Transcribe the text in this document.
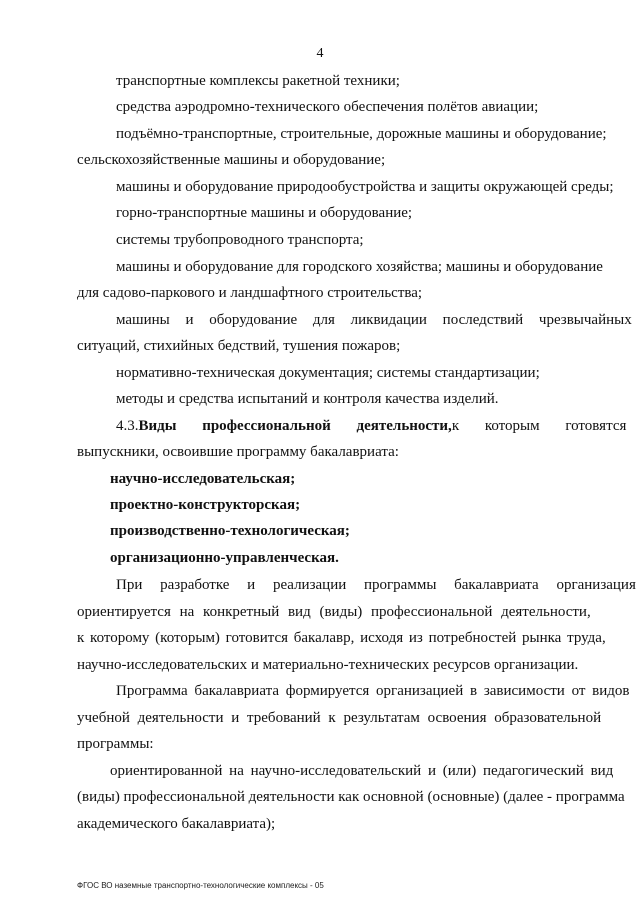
4
транспортные комплексы ракетной техники;
средства аэродромно-технического обеспечения полётов авиации;
подъёмно-транспортные, строительные, дорожные машины и оборудование;
сельскохозяйственные машины и оборудование;
машины и оборудование природообустройства и защиты окружающей среды;
горно-транспортные машины и оборудование;
системы трубопроводного транспорта;
машины и оборудование для городского хозяйства; машины и оборудование
для садово-паркового и ландшафтного строительства;
машины и оборудование для ликвидации последствий чрезвычайных
ситуаций, стихийных бедствий, тушения пожаров;
нормативно-техническая документация; системы стандартизации;
методы и средства испытаний и контроля качества изделий.
4.3. Виды профессиональной деятельности, к которым готовятся
выпускники, освоившие программу бакалавриата:
научно-исследовательская;
проектно-конструкторская;
производственно-технологическая;
организационно-управленческая.
При разработке и реализации программы бакалавриата организация
ориентируется на конкретный вид (виды) профессиональной деятельности,
к которому (которым) готовится бакалавр, исходя из потребностей рынка труда,
научно-исследовательских и материально-технических ресурсов организации.
Программа бакалавриата формируется организацией в зависимости от видов
учебной деятельности и требований к результатам освоения образовательной
программы:
ориентированной на научно-исследовательский и (или) педагогический вид
(виды) профессиональной деятельности как основной (основные) (далее - программа
академического бакалавриата);
ФГОС ВО наземные транспортно-технологические комплексы - 05
